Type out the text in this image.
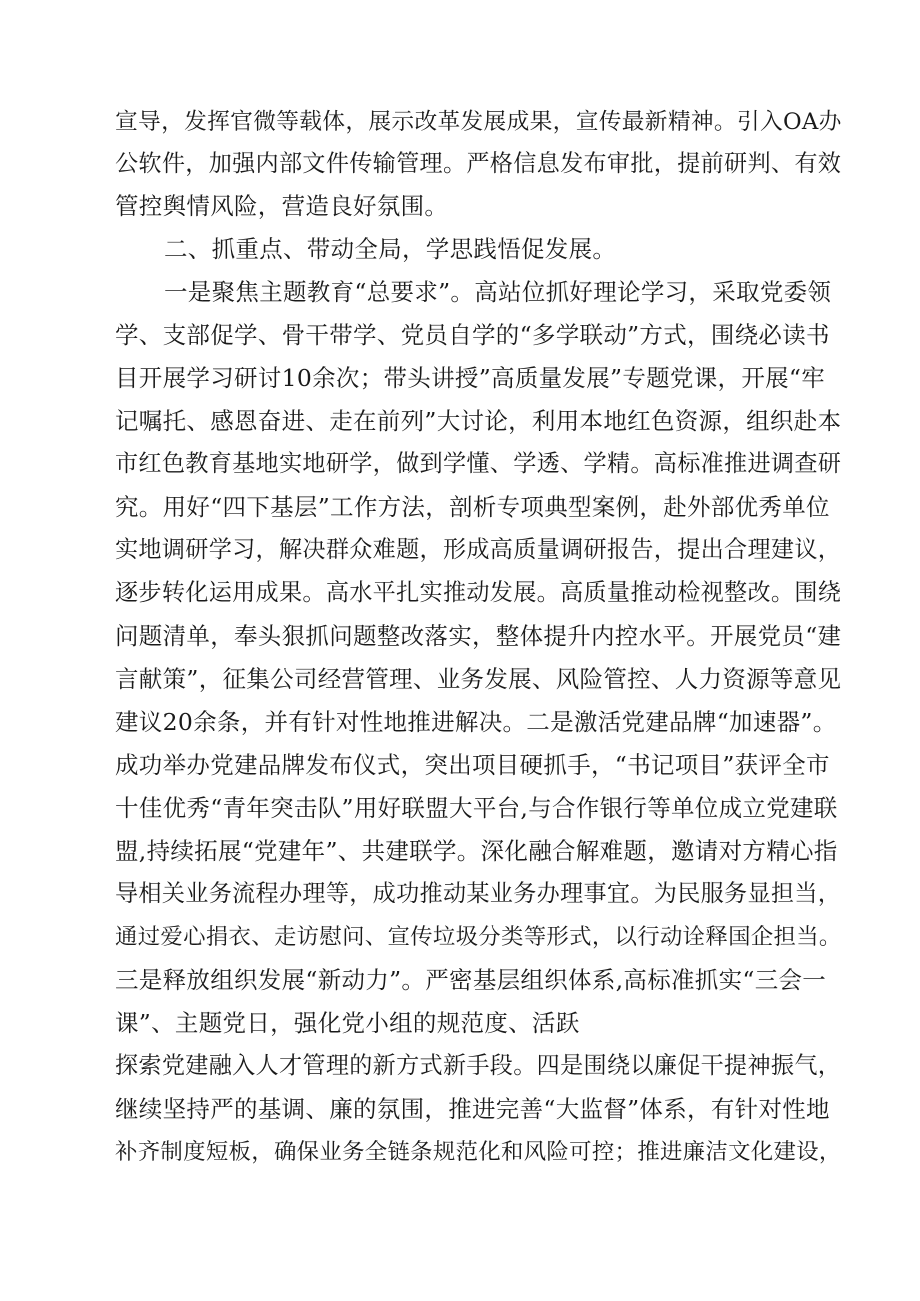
宣导，发挥官微等载体，展示改革发展成果，宣传最新精神。引入OA办
公软件，加强内部文件传输管理。严格信息发布审批，提前研判、有效
管控舆情风险，营造良好氛围。
二、抓重点、带动全局，学思践悟促发展。
一是聚焦主题教育“总要求”。高站位抓好理论学习，采取党委领
学、支部促学、骨干带学、党员自学的“多学联动”方式，围绕必读书
目开展学习研讨10余次；带头讲授”高质量发展”专题党课，开展“牢
记嘱托、感恩奋进、走在前列”大讨论，利用本地红色资源，组织赴本
市红色教育基地实地研学，做到学懂、学透、学精。高标准推进调查研
究。用好“四下基层”工作方法，剖析专项典型案例，赴外部优秀单位
实地调研学习，解决群众难题，形成高质量调研报告，提出合理建议，
逐步转化运用成果。高水平扎实推动发展。高质量推动检视整改。围绕
问题清单，奉头狠抓问题整改落实，整体提升内控水平。开展党员“建
言献策”，征集公司经营管理、业务发展、风险管控、人力资源等意见
建议20余条，并有针对性地推进解决。二是激活党建品牌“加速器”。
成功举办党建品牌发布仪式，突出项目硬抓手，“书记项目”获评全市
十佳优秀“青年突击队”用好联盟大平台,与合作银行等单位成立党建联
盟,持续拓展“党建年”、共建联学。深化融合解难题，邀请对方精心指
导相关业务流程办理等，成功推动某业务办理事宜。为民服务显担当，
通过爱心捐衣、走访慰问、宣传垃圾分类等形式，以行动诠释国企担当。
三是释放组织发展“新动力”。严密基层组织体系,高标准抓实“三会一
课”、主题党日，强化党小组的规范度、活跃
探索党建融入人才管理的新方式新手段。四是围绕以廉促干提神振气，
继续坚持严的基调、廉的氛围，推进完善“大监督”体系，有针对性地
补齐制度短板，确保业务全链条规范化和风险可控；推进廉洁文化建设，
